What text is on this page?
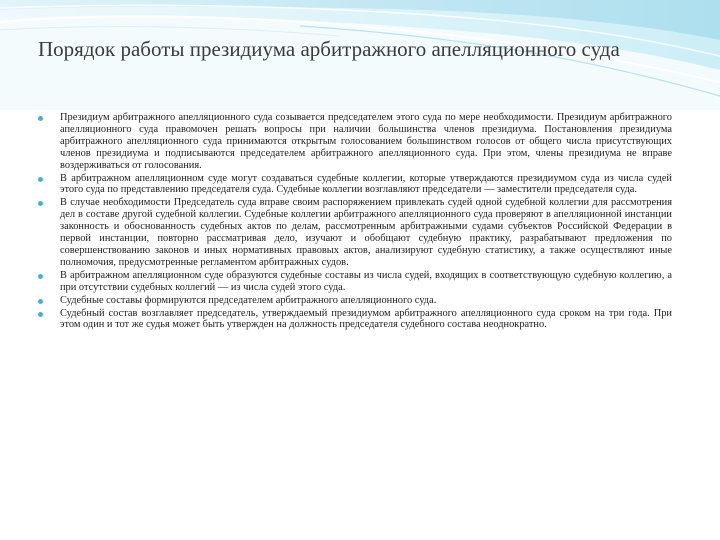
Порядок работы президиума арбитражного апелляционного суда
Президиум арбитражного апелляционного суда созывается председателем этого суда по мере необходимости. Президиум арбитражного апелляционного суда правомочен решать вопросы при наличии большинства членов президиума. Постановления президиума арбитражного апелляционного суда принимаются открытым голосованием большинством голосов от общего числа присутствующих членов президиума и подписываются председателем арбитражного апелляционного суда. При этом, члены президиума не вправе воздерживаться от голосования.
В арбитражном апелляционном суде могут создаваться судебные коллегии, которые утверждаются президиумом суда из числа судей этого суда по представлению председателя суда. Судебные коллегии возглавляют председатели — заместители председателя суда.
В случае необходимости Председатель суда вправе своим распоряжением привлекать судей одной судебной коллегии для рассмотрения дел в составе другой судебной коллегии. Судебные коллегии арбитражного апелляционного суда проверяют в апелляционной инстанции законность и обоснованность судебных актов по делам, рассмотренным арбитражными судами субъектов Российской Федерации в первой инстанции, повторно рассматривая дело, изучают и обобщают судебную практику, разрабатывают предложения по совершенствованию законов и иных нормативных правовых актов, анализируют судебную статистику, а также осуществляют иные полномочия, предусмотренные регламентом арбитражных судов.
В арбитражном апелляционном суде образуются судебные составы из числа судей, входящих в соответствующую судебную коллегию, а при отсутствии судебных коллегий — из числа судей этого суда.
Судебные составы формируются председателем арбитражного апелляционного суда.
Судебный состав возглавляет председатель, утверждаемый президиумом арбитражного апелляционного суда сроком на три года. При этом один и тот же судья может быть утвержден на должность председателя судебного состава неоднократно.
